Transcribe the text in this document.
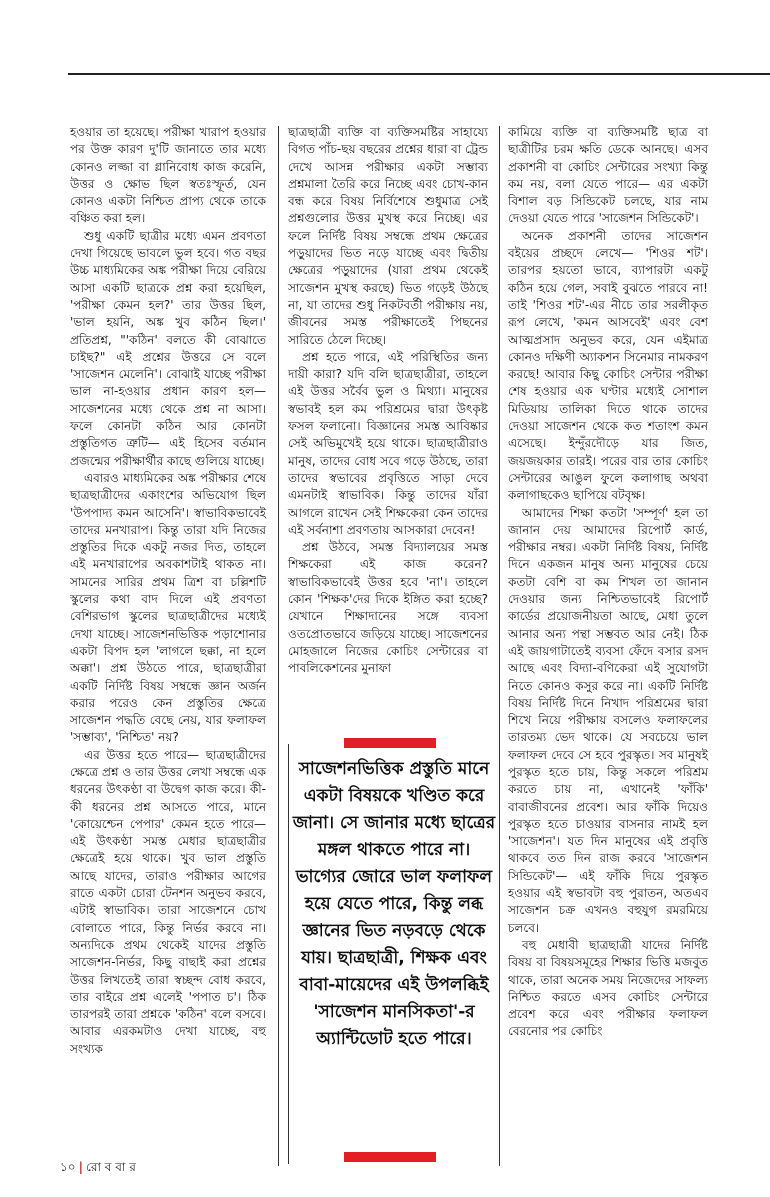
হওয়ার তা হয়েছে। পরীক্ষা খারাপ হওয়ার পর উক্ত কারণ দু'টি জানাতে তার মধ্যে কোনও লজ্জা বা গ্লানিবোধ কাজ করেনি, উত্তর ও ক্ষোভ ছিল স্বতঃস্ফূর্ত, যেন কোনও একটা নিশ্চিত প্রাপ্য থেকে তাকে বঞ্চিত করা হল।

শুধু একটি ছাত্রীর মধ্যে এমন প্রবণতা দেখা গিয়েছে ভাবলে ভুল হবে। গত বছর উচ্চ মাধ্যমিকের অঙ্ক পরীক্ষা দিয়ে বেরিয়ে আসা একটি ছাত্রকে প্রশ্ন করা হয়েছিল, 'পরীক্ষা কেমন হল?' তার উত্তর ছিল, 'ভাল হয়নি, অঙ্ক খুব কঠিন ছিল।' প্রতিপ্রশ্ন, "'কঠিন' বলতে কী বোঝাতে চাইছ?" এই প্রশ্নের উত্তরে সে বলে 'সাজেশন মেলেনি'। বোঝাই যাচ্ছে পরীক্ষা ভাল না-হওয়ার প্রধান কারণ হল— সাজেশনের মধ্যে থেকে প্রশ্ন না আসা। ফলে কোনটা কঠিন আর কোনটা প্রস্তুতিগত ত্রুটি— এই হিসেব বর্তমান প্রজন্মের পরীক্ষার্থীর কাছে গুলিয়ে যাচ্ছে।

এবারও মাধ্যমিকের অঙ্ক পরীক্ষার শেষে ছাত্রছাত্রীদের একাংশের অভিযোগ ছিল 'উপপাদ্য কমন আসেনি'। স্বাভাবিকভাবেই তাদের মনখারাপ। কিন্তু তারা যদি নিজের প্রস্তুতির দিকে একটু নজর দিত, তাহলে এই মনখারাপের অবকাশটাই থাকত না। সামনের সারির প্রথম ত্রিশ বা চল্লিশটি স্কুলের কথা বাদ দিলে এই প্রবণতা বেশিরভাগ স্কুলের ছাত্রছাত্রীদের মধ্যেই দেখা যাচ্ছে। সাজেশনভিত্তিক পড়াশোনার একটা বিপদ হল 'লাগলে ছক্কা, না হলে অক্কা'। প্রশ্ন উঠতে পারে, ছাত্রছাত্রীরা একটি নির্দিষ্ট বিষয় সম্বন্ধে জ্ঞান অর্জন করার পরেও কেন প্রস্তুতির ক্ষেত্রে সাজেশন পদ্ধতি বেছে নেয়, যার ফলাফল 'সম্ভাব্য', 'নিশ্চিত' নয়?

এর উত্তর হতে পারে— ছাত্রছাত্রীদের ক্ষেত্রে প্রশ্ন ও তার উত্তর লেখা সম্বন্ধে এক ধরনের উৎকণ্ঠা বা উদ্বেগ কাজ করে। কী-কী ধরনের প্রশ্ন আসতে পারে, মানে 'কোয়েশ্চেন পেপার' কেমন হতে পারে— এই উৎকণ্ঠা সমস্ত মেধার ছাত্রছাত্রীর ক্ষেত্রেই হয়ে থাকে। খুব ভাল প্রস্তুতি আছে যাদের, তারাও পরীক্ষার আগের রাতে একটা চোরা টেনশন অনুভব করবে, এটাই স্বাভাবিক। তারা সাজেশনে চোখ বোলাতে পারে, কিন্তু নির্ভর করবে না। অন্যদিকে প্রথম থেকেই যাদের প্রস্তুতি সাজেশন-নির্ভর, কিছু বাছাই করা প্রশ্নের উত্তর লিখতেই তারা স্বচ্ছন্দ বোধ করবে, তার বাইরে প্রশ্ন এলেই 'পপাত চ'। ঠিক তারপরই তারা প্রশ্নকে 'কঠিন' বলে বসবে। আবার এরকমটাও দেখা যাচ্ছে, বহু সংখ্যক

ছাত্রছাত্রী ব্যক্তি বা ব্যক্তিসমষ্টির সাহায্যে বিগত পাঁচ-ছয় বছরের প্রশ্নের ধারা বা ট্রেন্ড দেখে আসন্ন পরীক্ষার একটা সম্ভাব্য প্রশ্নমালা তৈরি করে নিচ্ছে এবং চোখ-কান বন্ধ করে বিষয় নির্বিশেষে শুধুমাত্র সেই প্রশ্নগুলোর উত্তর মুখস্থ করে নিচ্ছে। এর ফলে নির্দিষ্ট বিষয় সম্বন্ধে প্রথম ক্ষেত্রের পড়ুয়াদের ভিত নড়ে যাচ্ছে এবং দ্বিতীয় ক্ষেত্রের পড়ুয়াদের (যারা প্রথম থেকেই সাজেশন মুখস্থ করছে) ভিত গড়েই উঠছে না, যা তাদের শুধু নিকটবর্তী পরীক্ষায় নয়, জীবনের সমস্ত পরীক্ষাতেই পিছনের সারিতে ঠেলে দিচ্ছে।

প্রশ্ন হতে পারে, এই পরিস্থিতির জন্য দায়ী কারা? যদি বলি ছাত্রছাত্রীরা, তাহলে এই উত্তর সর্বৈব ভুল ও মিথ্যা। মানুষের স্বভাবই হল কম পরিশ্রমের দ্বারা উৎকৃষ্ট ফসল ফলানো। বিজ্ঞানের সমস্ত আবিষ্কার সেই অভিমুখেই হয়ে থাকে। ছাত্রছাত্রীরাও মানুষ, তাদের বোধ সবে গড়ে উঠছে, তারা তাদের স্বভাবের প্রবৃত্তিতে সাড়া দেবে এমনটাই স্বাভাবিক। কিন্তু তাদের যাঁরা আগলে রাখেন সেই শিক্ষকেরা কেন তাদের এই সর্বনাশা প্রবণতায় আসকারা দেবেন!

প্রশ্ন উঠবে, সমস্ত বিদ্যালয়ের সমস্ত শিক্ষকেরা এই কাজ করেন? স্বাভাবিকভাবেই উত্তর হবে 'না'। তাহলে কোন 'শিক্ষক'দের দিকে ইঙ্গিত করা হচ্ছে? যেখানে শিক্ষাদানের সঙ্গে ব্যবসা ওতপ্রোতভাবে জড়িয়ে যাচ্ছে। সাজেশনের মোহজালে নিজের কোচিং সেন্টারের বা পাবলিকেশনের মুনাফা

সাজেশনভিত্তিক প্রস্তুতি মানে একটা বিষয়কে খণ্ডিত করে জানা। সে জানার মধ্যে ছাত্রের মঙ্গল থাকতে পারে না। ভাগ্যের জোরে ভাল ফলাফল হয়ে যেতে পারে, কিন্তু লব্ধ জ্ঞানের ভিত নড়বড়ে থেকে যায়। ছাত্রছাত্রী, শিক্ষক এবং বাবা-মায়েদের এই উপলব্ধিই 'সাজেশন মানসিকতা'-র অ্যান্টিডোট হতে পারে।

কামিয়ে ব্যক্তি বা ব্যক্তিসমষ্টি ছাত্র বা ছাত্রীটির চরম ক্ষতি ডেকে আনছে। এসব প্রকাশনী বা কোচিং সেন্টারের সংখ্যা কিন্তু কম নয়, বলা যেতে পারে— এর একটা বিশাল বড় সিন্ডিকেট চলছে, যার নাম দেওয়া যেতে পারে 'সাজেশন সিন্ডিকেট'।

অনেক প্রকাশনী তাদের সাজেশন বইয়ের প্রচ্ছদে লেখে— 'শিওর শট'। তারপর হয়তো ভাবে, ব্যাপারটা একটু কঠিন হয়ে গেল, সবাই বুঝতে পারবে না! তাই 'শিওর শট'-এর নীচে তার সরলীকৃত রূপ লেখে, 'কমন আসবেই' এবং বেশ আত্মপ্রসাদ অনুভব করে, যেন এইমাত্র কোনও দক্ষিণী অ্যাকশন সিনেমার নামকরণ করছে! আবার কিছু কোচিং সেন্টার পরীক্ষা শেষ হওয়ার এক ঘণ্টার মধ্যেই সোশাল মিডিয়ায় তালিকা দিতে থাকে তাদের দেওয়া সাজেশন থেকে কত শতাংশ কমন এসেছে। ইন্দুঁরদৌড়ে যার জিত, জয়জয়কার তারই। পরের বার তার কোচিং সেন্টারের আঙুল ফুলে কলাগাছ অথবা কলাগাছকেও ছাপিয়ে বটবৃক্ষ।

আমাদের শিক্ষা কতটা 'সম্পূর্ণ' হল তা জানান দেয় আমাদের রিপোর্ট কার্ড, পরীক্ষার নম্বর। একটা নির্দিষ্ট বিষয়, নির্দিষ্ট দিনে একজন মানুষ অন্য মানুষের চেয়ে কতটা বেশি বা কম শিখল তা জানান দেওয়ার জন্য নিশ্চিতভাবেই রিপোর্ট কার্ডের প্রয়োজনীয়তা আছে, মেধা তুলে আনার অন্য পন্থা সম্ভবত আর নেই। ঠিক এই জায়গাটাতেই ব্যবসা ফেঁদে বসার রসদ আছে এবং বিদ্যা-বণিকেরা এই সুযোগটা নিতে কোনও কসুর করে না। একটি নির্দিষ্ট বিষয় নির্দিষ্ট দিনে নিখাদ পরিশ্রমের দ্বারা শিখে নিয়ে পরীক্ষায় বসলেও ফলাফলের তারতম্য ভেদ থাকে। যে সবচেয়ে ভাল ফলাফল দেবে সে হবে পুরস্কৃত। সব মানুষই পুরস্কৃত হতে চায়, কিন্তু সকলে পরিশ্রম করতে চায় না, এখানেই 'ফাঁকি' বাবাজীবনের প্রবেশ। আর ফাঁকি দিয়েও পুরস্কৃত হতে চাওয়ার বাসনার নামই হল 'সাজেশন'। যত দিন মানুষের এই প্রবৃত্তি থাকবে তত দিন রাজ করবে 'সাজেশন সিন্ডিকেট'— এই ফাঁকি দিয়ে পুরস্কৃত হওয়ার এই স্বভাবটা বহু পুরাতন, অতএব সাজেশন চক্র এখনও বহুযুগ রমরমিয়ে চলবে।

বহু মেধাবী ছাত্রছাত্রী যাদের নির্দিষ্ট বিষয় বা বিষয়সমূহের শিক্ষার ভিত্তি মজবুত থাকে, তারা অনেক সময় নিজেদের সাফল্য নিশ্চিত করতে এসব কোচিং সেন্টারে প্রবেশ করে এবং পরীক্ষার ফলাফল বেরনোর পর কোচিং

১০ | রো ব বা র
